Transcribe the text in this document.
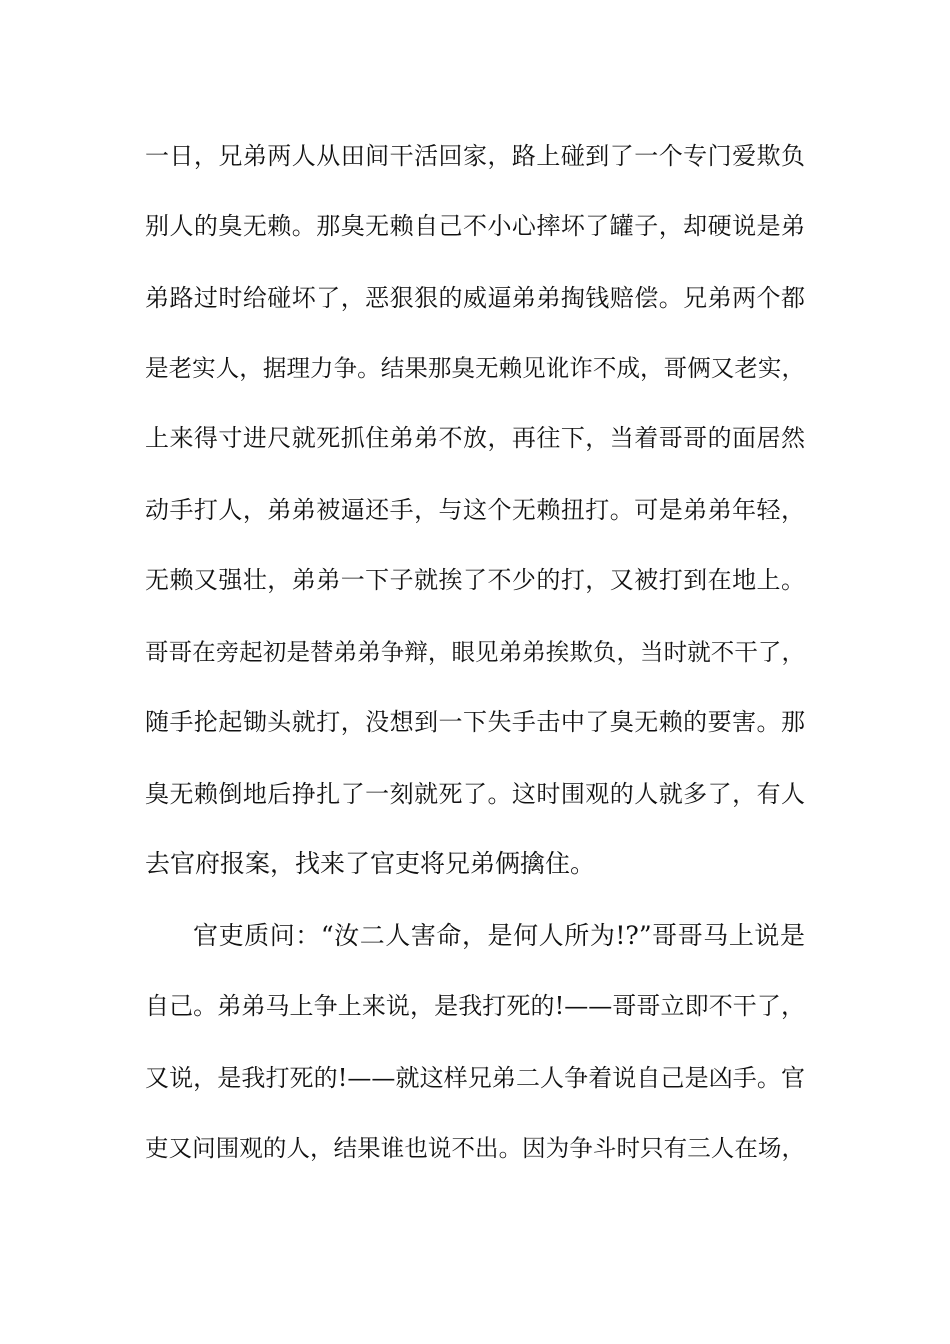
一日，兄弟两人从田间干活回家，路上碰到了一个专门爱欺负
别人的臭无赖。那臭无赖自己不小心摔坏了罐子，却硬说是弟
弟路过时给碰坏了，恶狠狠的威逼弟弟掏钱赔偿。兄弟两个都
是老实人，据理力争。结果那臭无赖见讹诈不成，哥俩又老实，
上来得寸进尺就死抓住弟弟不放，再往下，当着哥哥的面居然
动手打人，弟弟被逼还手，与这个无赖扭打。可是弟弟年轻，
无赖又强壮，弟弟一下子就挨了不少的打，又被打到在地上。
哥哥在旁起初是替弟弟争辩，眼见弟弟挨欺负，当时就不干了，
随手抡起锄头就打，没想到一下失手击中了臭无赖的要害。那
臭无赖倒地后挣扎了一刻就死了。这时围观的人就多了，有人
去官府报案，找来了官吏将兄弟俩擒住。
官吏质问：“汝二人害命，是何人所为!?”哥哥马上说是
自己。弟弟马上争上来说，是我打死的!——哥哥立即不干了，
又说，是我打死的!——就这样兄弟二人争着说自己是凶手。官
吏又问围观的人，结果谁也说不出。因为争斗时只有三人在场，
